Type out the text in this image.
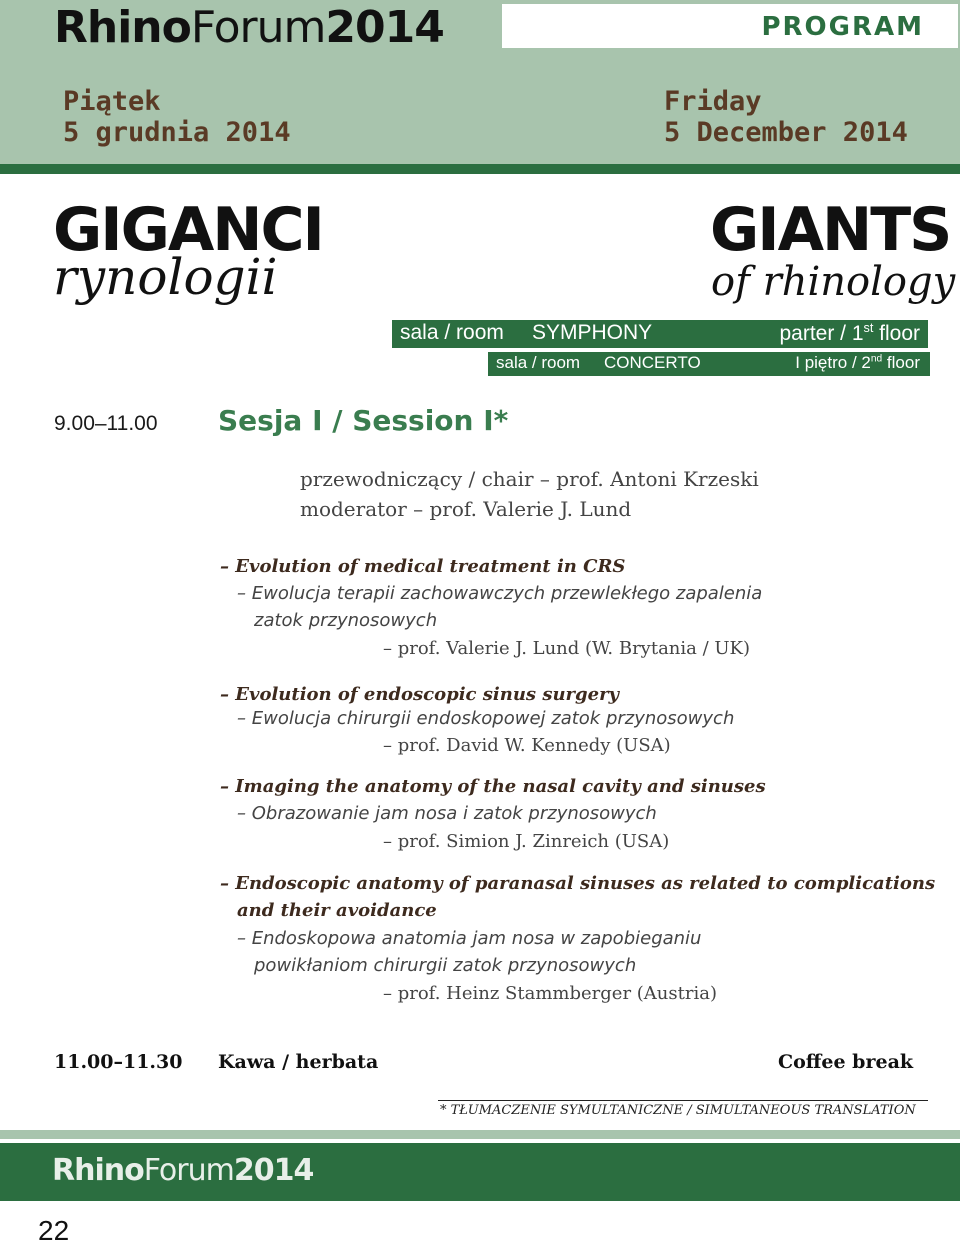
RhinoForum2014	PROGRAM
Piątek
5 grudnia 2014
Friday
5 December 2014
GIGANCI
rynologii
GIANTS
of rhinology
sala / room SYMPHONY	parter / 1st floor
sala / room CONCERTO	I piętro / 2nd floor
9.00–11.00 Sesja I / Session I*
przewodniczący / chair – prof. Antoni Krzeski
moderator – prof. Valerie J. Lund
– Evolution of medical treatment in CRS
– Ewolucja terapii zachowawczych przewlekłego zapalenia
zatok przynosowych
– prof. Valerie J. Lund (W. Brytania / UK)
– Evolution of endoscopic sinus surgery
– Ewolucja chirurgii endoskopowej zatok przynosowych
– prof. David W. Kennedy (USA)
– Imaging the anatomy of the nasal cavity and sinuses
– Obrazowanie jam nosa i zatok przynosowych
– prof. Simion J. Zinreich (USA)
– Endoscopic anatomy of paranasal sinuses as related to complications
and their avoidance
– Endoskopowa anatomia jam nosa w zapobieganiu
powikłaniom chirurgii zatok przynosowych
– prof. Heinz Stammberger (Austria)
11.00–11.30 Kawa / herbata	Coffee break
* TŁUMACZENIE SYMULTANICZNE / SIMULTANEOUS TRANSLATION
RhinoForum2014
22
